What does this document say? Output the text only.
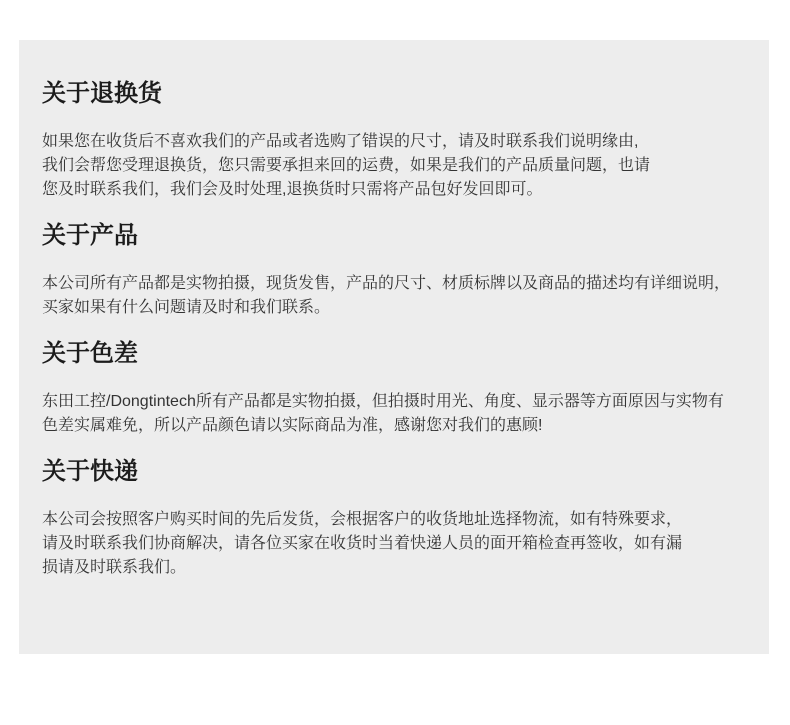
关于退换货

如果您在收货后不喜欢我们的产品或者选购了错误的尺寸，请及时联系我们说明缘由,
我们会帮您受理退换货，您只需要承担来回的运费，如果是我们的产品质量问题，也请
您及时联系我们，我们会及时处理,退换货时只需将产品包好发回即可。

关于产品

本公司所有产品都是实物拍摄，现货发售，产品的尺寸、材质标牌以及商品的描述均有详细说明，
买家如果有什么问题请及时和我们联系。

关于色差

东田工控/Dongtintech所有产品都是实物拍摄，但拍摄时用光、角度、显示器等方面原因与实物有
色差实属难免，所以产品颜色请以实际商品为准，感谢您对我们的惠顾!

关于快递

本公司会按照客户购买时间的先后发货，会根据客户的收货地址选择物流，如有特殊要求，
请及时联系我们协商解决，请各位买家在收货时当着快递人员的面开箱检查再签收，如有漏
损请及时联系我们。
